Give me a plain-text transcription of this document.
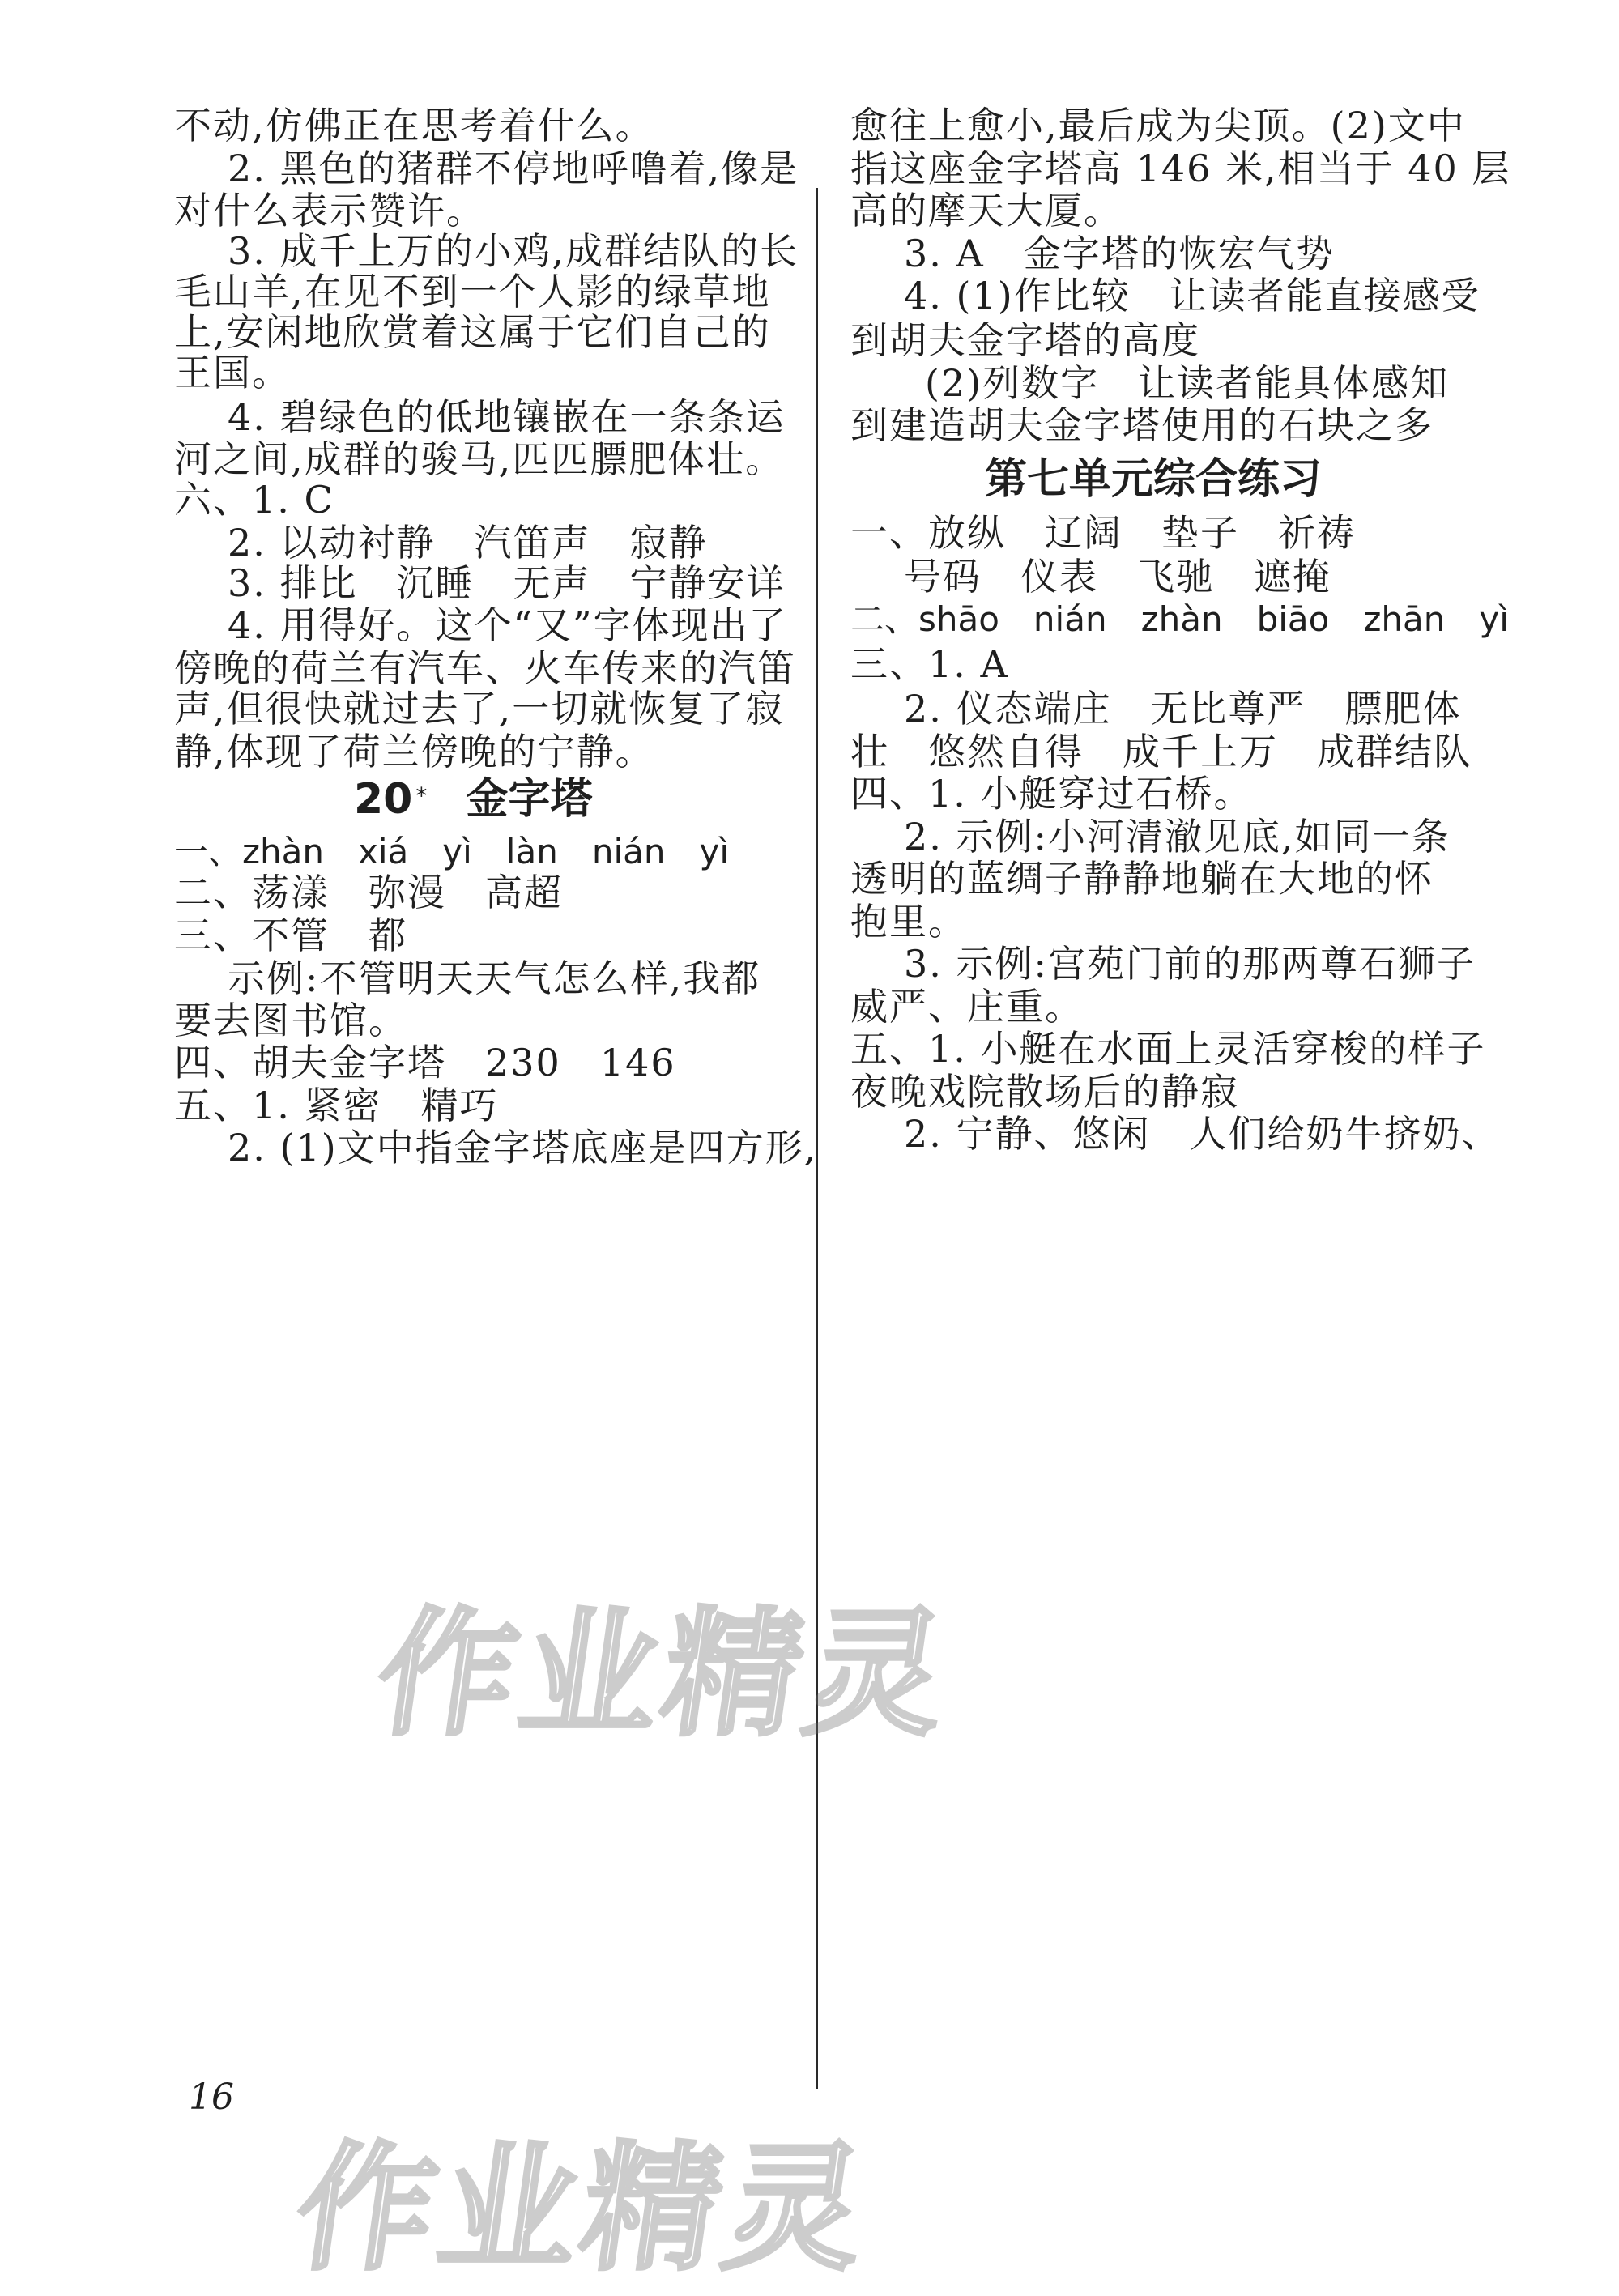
不动,仿佛正在思考着什么。
2. 黑色的猪群不停地呼噜着,像是
对什么表示赞许。
3. 成千上万的小鸡,成群结队的长
毛山羊,在见不到一个人影的绿草地
上,安闲地欣赏着这属于它们自己的
王国。
4. 碧绿色的低地镶嵌在一条条运
河之间,成群的骏马,匹匹膘肥体壮。
六、1. C
2. 以动衬静　汽笛声　寂静
3. 排比　沉睡　无声　宁静安详
4. 用得好。这个“又”字体现出了
傍晚的荷兰有汽车、火车传来的汽笛
声,但很快就过去了,一切就恢复了寂
静,体现了荷兰傍晚的宁静。
20 * 金字塔
一、zhàn　xiá　yì　làn　nián　yì
二、荡漾　弥漫　高超
三、不管　都
示例:不管明天天气怎么样,我都
要去图书馆。
四、胡夫金字塔　230　146
五、1. 紧密　精巧
2. (1)文中指金字塔底座是四方形,
愈往上愈小,最后成为尖顶。(2)文中
指这座金字塔高 146 米,相当于 40 层
高的摩天大厦。
3. A　金字塔的恢宏气势
4. (1)作比较　让读者能直接感受
到胡夫金字塔的高度
(2)列数字　让读者能具体感知
到建造胡夫金字塔使用的石块之多
第七单元综合练习
一、放纵　辽阔　垫子　祈祷
号码　仪表　飞驰　遮掩
二、shāo　nián　zhàn　biāo　zhān　yì
三、1. A
2. 仪态端庄　无比尊严　膘肥体
壮　悠然自得　成千上万　成群结队
四、1. 小艇穿过石桥。
2. 示例:小河清澈见底,如同一条
透明的蓝绸子静静地躺在大地的怀
抱里。
3. 示例:宫苑门前的那两尊石狮子
威严、庄重。
五、1. 小艇在水面上灵活穿梭的样子
夜晚戏院散场后的静寂
2. 宁静、悠闲　人们给奶牛挤奶、
16
作业精灵
作业精灵
